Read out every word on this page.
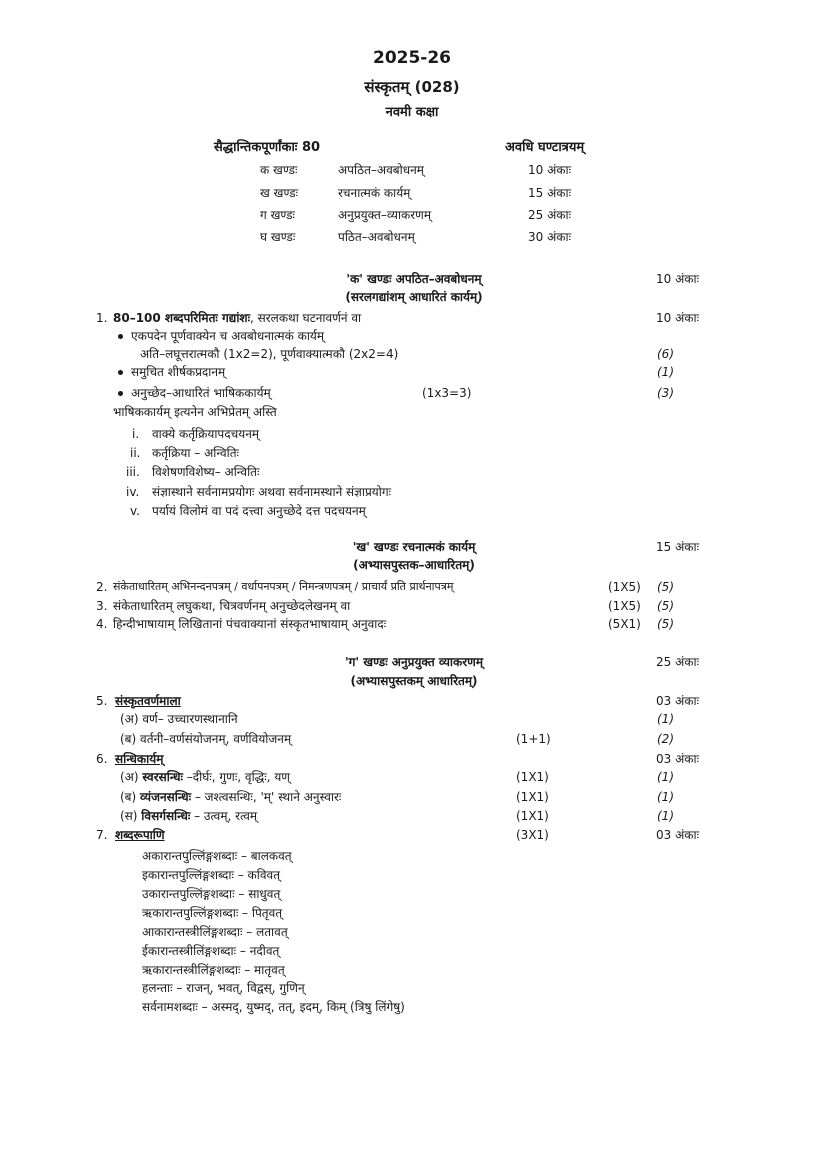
2025-26
संस्कृतम् (028)
नवमी कक्षा
सैद्धान्तिकपूर्णांकाः 80	अवधि घण्टात्रयम्
क खण्डः	अपठित–अवबोधनम्	10 अंकाः
ख खण्डः	रचनात्मकं कार्यम्	15 अंकाः
ग खण्डः	अनुप्रयुक्त–व्याकरणम्	25 अंकाः
घ खण्डः	पठित–अवबोधनम्	30 अंकाः
'क' खण्डः अपठित–अवबोधनम्	10 अंकाः
(सरलगद्यांशम् आधारितं कार्यम्)
1. 80–100 शब्दपरिमितः गद्यांशः, सरलकथा घटनावर्णनं वा	10 अंकाः
एकपदेन पूर्णवाक्येन च अवबोधनात्मकं कार्यम्
अति–लघूत्तरात्मकौ (1x2=2), पूर्णवाक्यात्मकौ (2x2=4)	(6)
समुचित शीर्षकप्रदानम्	(1)
अनुच्छेद–आधारितं भाषिककार्यम्	(1x3=3)	(3)
भाषिककार्यम् इत्यनेन अभिप्रेतम् अस्ति
i. वाक्ये कर्तृक्रियापदचयनम्
ii. कर्तृक्रिया – अन्वितिः
iii. विशेषणविशेष्य– अन्वितिः
iv. संज्ञास्थाने सर्वनामप्रयोगः अथवा सर्वनामस्थाने संज्ञाप्रयोगः
v. पर्यायं विलोमं वा पदं दत्त्वा अनुच्छेदे दत्त पदचयनम्
'ख' खण्डः रचनात्मकं कार्यम्	15 अंकाः
(अभ्यासपुस्तक–आधारितम्)
2. संकेताधारितम् अभिनन्दनपत्रम् / वर्धापनपत्रम् / निमन्त्रणपत्रम् / प्राचार्यं प्रति प्रार्थनापत्रम्	(1X5) (5)
3. संकेताधारितम् लघुकथा, चित्रवर्णनम् अनुच्छेदलेखनम् वा	(1X5) (5)
4. हिन्दीभाषायाम् लिखितानां पंचवाक्यानां संस्कृतभाषायाम् अनुवादः	(5X1) (5)
'ग' खण्डः अनुप्रयुक्त व्याकरणम्	25 अंकाः
(अभ्यासपुस्तकम् आधारितम्)
5. संस्कृतवर्णमाला	03 अंकाः
(अ) वर्ण– उच्चारणस्थानानि	(1)
(ब) वर्तनी–वर्णसंयोजनम्, वर्णवियोजनम्	(1+1)	(2)
6. सन्धिकार्यम्	03 अंकाः
(अ) स्वरसन्धिः –दीर्घः, गुणः, वृद्धिः, यण्	(1X1)	(1)
(ब) व्यंजनसन्धिः – जश्त्वसन्धिः, 'म्' स्थाने अनुस्वारः	(1X1)	(1)
(स) विसर्गसन्धिः – उत्वम्, रत्वम्	(1X1)	(1)
7. शब्दरूपाणि	(3X1)	03 अंकाः
अकारान्तपुल्लिंङ्गशब्दाः – बालकवत्
इकारान्तपुल्लिंङ्गशब्दाः – कविवत्
उकारान्तपुल्लिंङ्गशब्दाः – साधुवत्
ऋकारान्तपुल्लिंङ्गशब्दाः – पितृवत्
आकारान्तस्त्रीलिंङ्गशब्दाः – लतावत्
ईकारान्तस्त्रीलिंङ्गशब्दाः – नदीवत्
ऋकारान्तस्त्रीलिंङ्गशब्दाः – मातृवत्
हलन्ताः – राजन्, भवत्, विद्वस्, गुणिन्
सर्वनामशब्दाः – अस्मद्, युष्मद्, तत्, इदम्, किम् (त्रिषु लिंगेषु)
